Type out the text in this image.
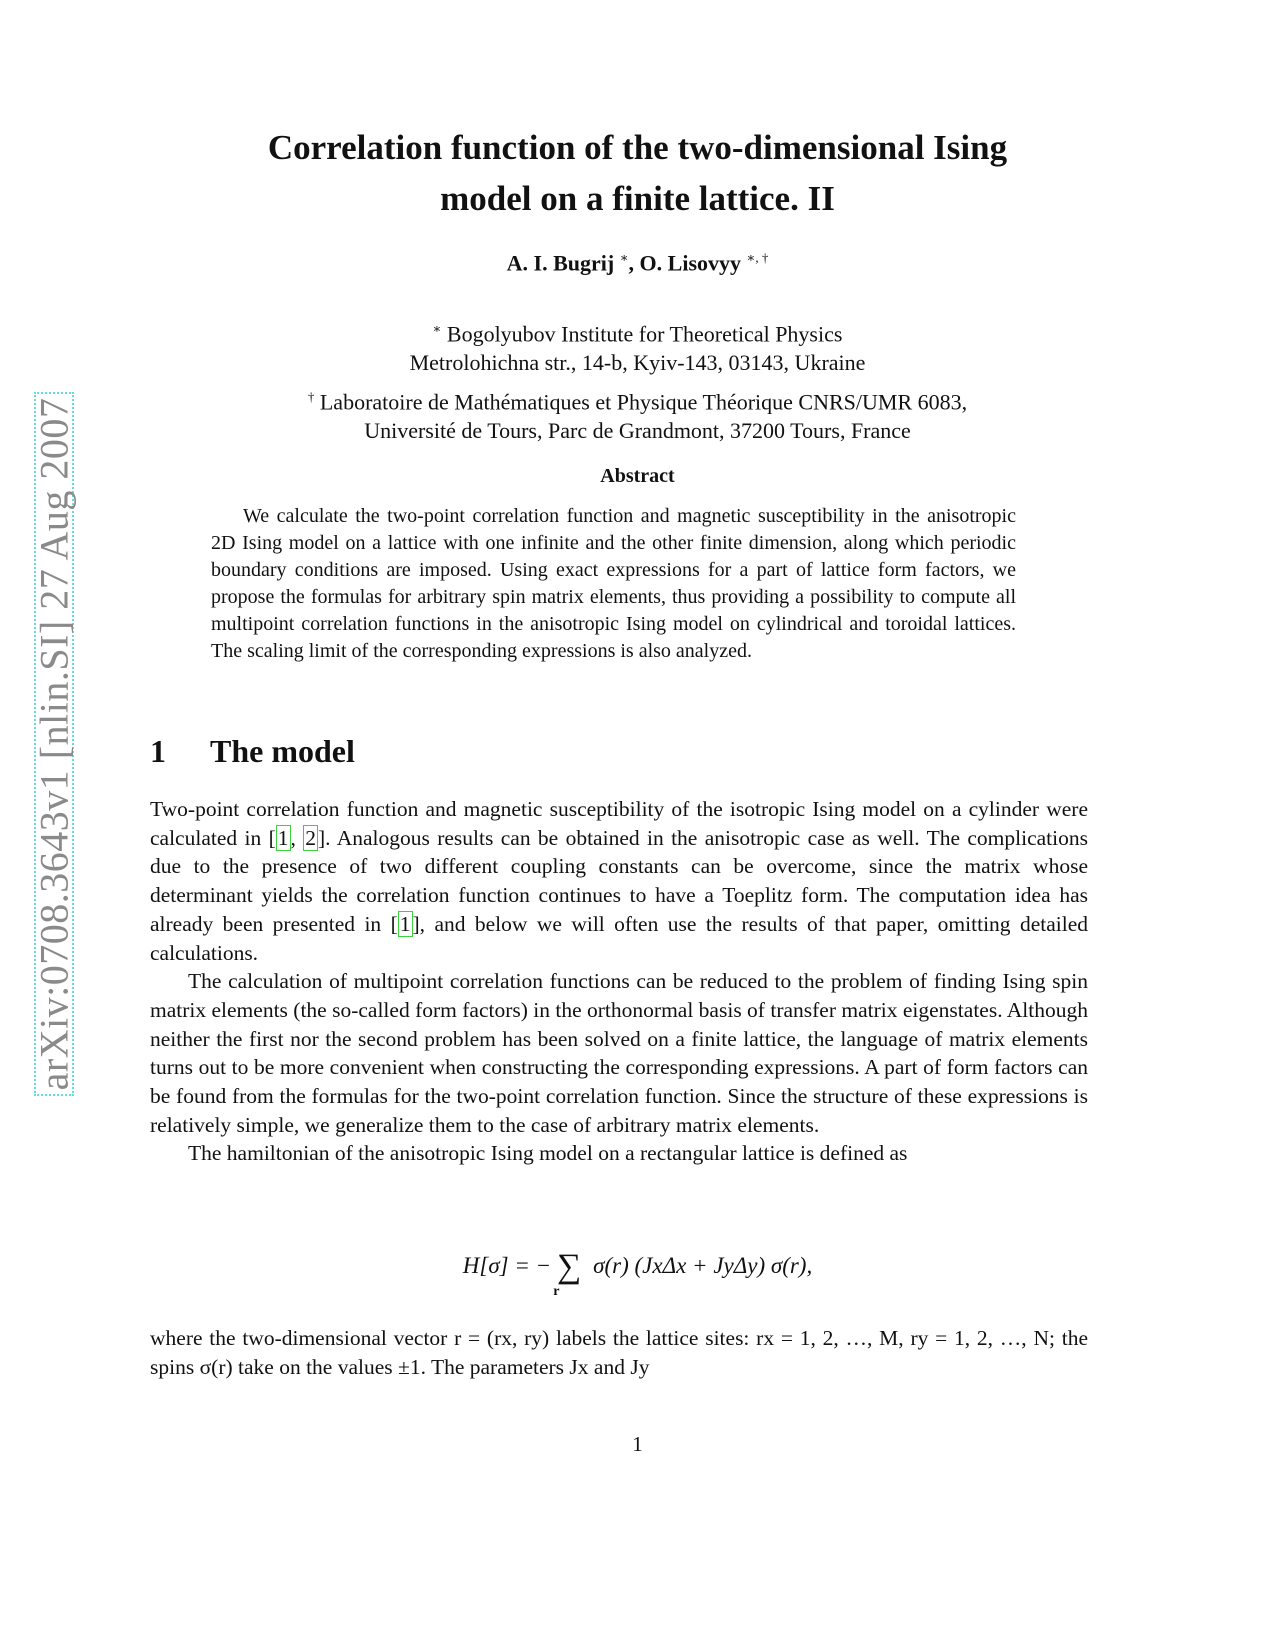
arXiv:0708.3643v1 [nlin.SI] 27 Aug 2007
Correlation function of the two-dimensional Ising
model on a finite lattice. II
A. I. Bugrij ∗, O. Lisovyy ∗, †
∗ Bogolyubov Institute for Theoretical Physics
Metrolohichna str., 14-b, Kyiv-143, 03143, Ukraine
† Laboratoire de Mathématiques et Physique Théorique CNRS/UMR 6083,
Université de Tours, Parc de Grandmont, 37200 Tours, France
Abstract
We calculate the two-point correlation function and magnetic susceptibility in the anisotropic 2D Ising model on a lattice with one infinite and the other finite dimension, along which periodic boundary conditions are imposed. Using exact expressions for a part of lattice form factors, we propose the formulas for arbitrary spin matrix elements, thus providing a possibility to compute all multipoint correlation functions in the anisotropic Ising model on cylindrical and toroidal lattices. The scaling limit of the corresponding expressions is also analyzed.
1 The model

Two-point correlation function and magnetic susceptibility of the isotropic Ising model on a cylinder were calculated in [1, 2]. Analogous results can be obtained in the anisotropic case as well. The complications due to the presence of two different coupling constants can be overcome, since the matrix whose determinant yields the correlation function continues to have a Toeplitz form. The computation idea has already been presented in [1], and below we will often use the results of that paper, omitting detailed calculations.

The calculation of multipoint correlation functions can be reduced to the problem of finding Ising spin matrix elements (the so-called form factors) in the orthonormal basis of transfer matrix eigenstates. Although neither the first nor the second problem has been solved on a finite lattice, the language of matrix elements turns out to be more convenient when constructing the corresponding expressions. A part of form factors can be found from the formulas for the two-point correlation function. Since the structure of these expressions is relatively simple, we generalize them to the case of arbitrary matrix elements.

The hamiltonian of the anisotropic Ising model on a rectangular lattice is defined as

H[σ] = − $\sum_r$ σ(r) (JxΔx + JyΔy) σ(r),
where the two-dimensional vector r = (rx, ry) labels the lattice sites: rx = 1, 2, …, M, ry = 1, 2, …, N; the spins σ(r) take on the values ±1. The parameters Jx and Jy
1
